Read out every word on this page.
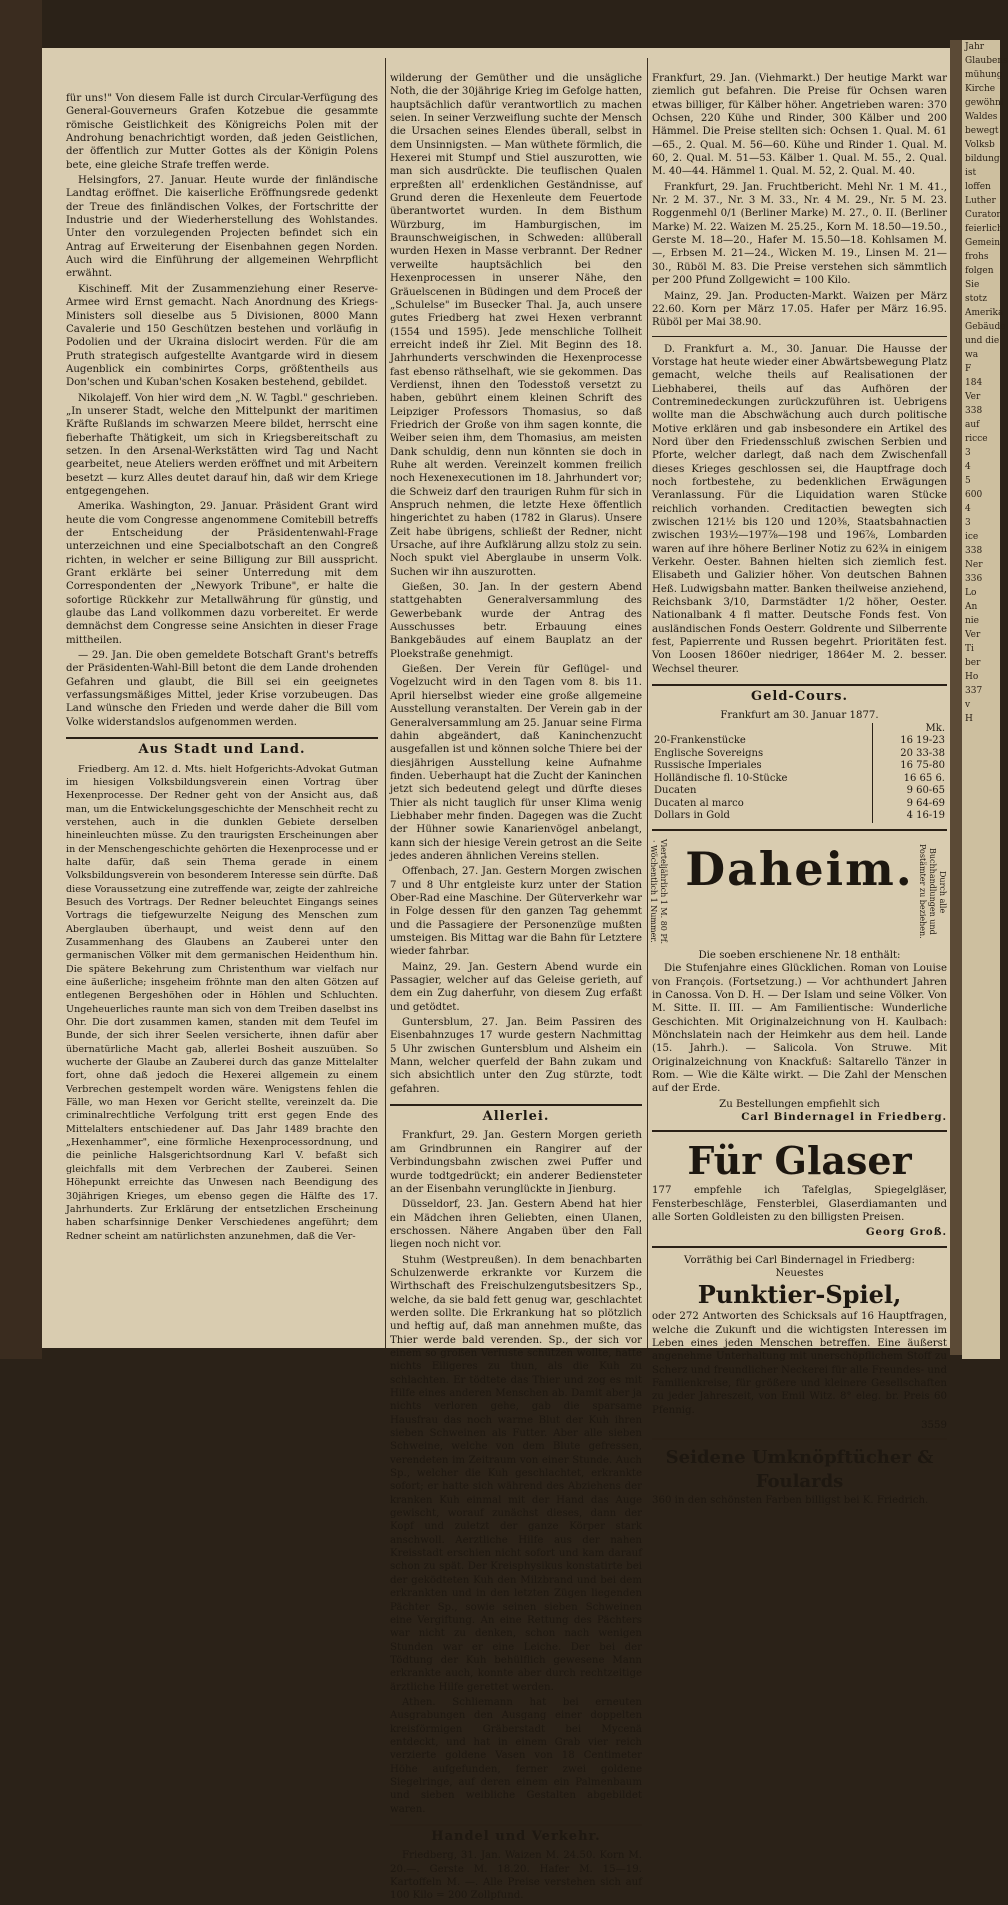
Jahr
Glaubens
mühung
Kirche
gewöhnl
Waldes
bewegt
Volksb
bildung
ist
loffen
Luther
Curator
feierlich
Gemein
frohs
folgen
Sie
stotz
Amerika
Gebäude
und die
wa
F
184
Ver
338
auf
ricce
3
4
5
600
4
3
ice
338
Ner
336
Lo
An
nie
Ver
Ti
ber
Ho
337
v
H

für uns!" Von diesem Falle ist durch Circular-Verfügung des General-Gouverneurs Grafen Kotzebue die gesammte römische Geistlichkeit des Königreichs Polen mit der Androhung benachrichtigt worden, daß jeden Geistlichen, der öffentlich zur Mutter Gottes als der Königin Polens bete, eine gleiche Strafe treffen werde.

Helsingfors, 27. Januar. Heute wurde der finländische Landtag eröffnet. Die kaiserliche Eröffnungsrede gedenkt der Treue des finländischen Volkes, der Fortschritte der Industrie und der Wiederherstellung des Wohlstandes. Unter den vorzulegenden Projecten befindet sich ein Antrag auf Erweiterung der Eisenbahnen gegen Norden. Auch wird die Einführung der allgemeinen Wehrpflicht erwähnt.

Kischineff. Mit der Zusammenziehung einer Reserve-Armee wird Ernst gemacht. Nach Anordnung des Kriegs-Ministers soll dieselbe aus 5 Divisionen, 8000 Mann Cavalerie und 150 Geschützen bestehen und vorläufig in Podolien und der Ukraina dislocirt werden. Für die am Pruth strategisch aufgestellte Avantgarde wird in diesem Augenblick ein combinirtes Corps, größtentheils aus Don'schen und Kuban'schen Kosaken bestehend, gebildet.

Nikolajeff. Von hier wird dem „N. W. Tagbl." geschrieben. „In unserer Stadt, welche den Mittelpunkt der maritimen Kräfte Rußlands im schwarzen Meere bildet, herrscht eine fieberhafte Thätigkeit, um sich in Kriegsbereitschaft zu setzen. In den Arsenal-Werkstätten wird Tag und Nacht gearbeitet, neue Ateliers werden eröffnet und mit Arbeitern besetzt — kurz Alles deutet darauf hin, daß wir dem Kriege entgegengehen.

Amerika. Washington, 29. Januar. Präsident Grant wird heute die vom Congresse angenommene Comitebill betreffs der Entscheidung der Präsidentenwahl-Frage unterzeichnen und eine Specialbotschaft an den Congreß richten, in welcher er seine Billigung zur Bill ausspricht. Grant erklärte bei seiner Unterredung mit dem Correspondenten der „Newyork Tribune", er halte die sofortige Rückkehr zur Metallwährung für günstig, und glaube das Land vollkommen dazu vorbereitet. Er werde demnächst dem Congresse seine Ansichten in dieser Frage mittheilen.

— 29. Jan. Die oben gemeldete Botschaft Grant's betreffs der Präsidenten-Wahl-Bill betont die dem Lande drohenden Gefahren und glaubt, die Bill sei ein geeignetes verfassungsmäßiges Mittel, jeder Krise vorzubeugen. Das Land wünsche den Frieden und werde daher die Bill vom Volke widerstandslos aufgenommen werden.

Aus Stadt und Land.

Friedberg. Am 12. d. Mts. hielt Hofgerichts-Advokat Gutman im hiesigen Volksbildungsverein einen Vortrag über Hexenprocesse. Der Redner geht von der Ansicht aus, daß man, um die Entwickelungsgeschichte der Menschheit recht zu verstehen, auch in die dunklen Gebiete derselben hineinleuchten müsse. Zu den traurigsten Erscheinungen aber in der Menschengeschichte gehörten die Hexenprocesse und er halte dafür, daß sein Thema gerade in einem Volksbildungsverein von besonderem Interesse sein dürfte. Daß diese Voraussetzung eine zutreffende war, zeigte der zahlreiche Besuch des Vortrags. Der Redner beleuchtet Eingangs seines Vortrags die tiefgewurzelte Neigung des Menschen zum Aberglauben überhaupt, und weist denn auf den Zusammenhang des Glaubens an Zauberei unter den germanischen Völker mit dem germanischen Heidenthum hin. Die spätere Bekehrung zum Christenthum war vielfach nur eine äußerliche; insgeheim fröhnte man den alten Götzen auf entlegenen Bergeshöhen oder in Höhlen und Schluchten. Ungeheuerliches raunte man sich von dem Treiben daselbst ins Ohr. Die dort zusammen kamen, standen mit dem Teufel im Bunde, der sich ihrer Seelen versicherte, ihnen dafür aber übernatürliche Macht gab, allerlei Bosheit auszuüben. So wucherte der Glaube an Zauberei durch das ganze Mittelalter fort, ohne daß jedoch die Hexerei allgemein zu einem Verbrechen gestempelt worden wäre. Wenigstens fehlen die Fälle, wo man Hexen vor Gericht stellte, vereinzelt da. Die criminalrechtliche Verfolgung tritt erst gegen Ende des Mittelalters entschiedener auf. Das Jahr 1489 brachte den „Hexenhammer", eine förmliche Hexenprocessordnung, und die peinliche Halsgerichtsordnung Karl V. befaßt sich gleichfalls mit dem Verbrechen der Zauberei. Seinen Höhepunkt erreichte das Unwesen nach Beendigung des 30jährigen Krieges, um ebenso gegen die Hälfte des 17. Jahrhunderts. Zur Erklärung der entsetzlichen Erscheinung haben scharfsinnige Denker Verschiedenes angeführt; dem Redner scheint am natürlichsten anzunehmen, daß die Ver-

wilderung der Gemüther und die unsägliche Noth, die der 30jährige Krieg im Gefolge hatten, hauptsächlich dafür verantwortlich zu machen seien. In seiner Verzweiflung suchte der Mensch die Ursachen seines Elendes überall, selbst in dem Unsinnigsten. — Man wüthete förmlich, die Hexerei mit Stumpf und Stiel auszurotten, wie man sich ausdrückte. Die teuflischen Qualen erpreßten all' erdenklichen Geständnisse, auf Grund deren die Hexenleute dem Feuertode überantwortet wurden. In dem Bisthum Würzburg, im Hamburgischen, im Braunschweigischen, in Schweden: allüberall wurden Hexen in Masse verbrannt. Der Redner verweilte hauptsächlich bei den Hexenprocessen in unserer Nähe, den Gräuelscenen in Büdingen und dem Proceß der „Schulelse" im Busecker Thal. Ja, auch unsere gutes Friedberg hat zwei Hexen verbrannt (1554 und 1595). Jede menschliche Tollheit erreicht indeß ihr Ziel. Mit Beginn des 18. Jahrhunderts verschwinden die Hexenprocesse fast ebenso räthselhaft, wie sie gekommen. Das Verdienst, ihnen den Todesstoß versetzt zu haben, gebührt einem kleinen Schrift des Leipziger Professors Thomasius, so daß Friedrich der Große von ihm sagen konnte, die Weiber seien ihm, dem Thomasius, am meisten Dank schuldig, denn nun könnten sie doch in Ruhe alt werden. Vereinzelt kommen freilich noch Hexenexecutionen im 18. Jahrhundert vor; die Schweiz darf den traurigen Ruhm für sich in Anspruch nehmen, die letzte Hexe öffentlich hingerichtet zu haben (1782 in Glarus). Unsere Zeit habe übrigens, schließt der Redner, nicht Ursache, auf ihre Aufklärung allzu stolz zu sein. Noch spukt viel Aberglaube in unserm Volk. Suchen wir ihn auszurotten.

Gießen, 30. Jan. In der gestern Abend stattgehabten Generalversammlung des Gewerbebank wurde der Antrag des Ausschusses betr. Erbauung eines Bankgebäudes auf einem Bauplatz an der Ploekstraße genehmigt.

Gießen. Der Verein für Geflügel- und Vogelzucht wird in den Tagen vom 8. bis 11. April hierselbst wieder eine große allgemeine Ausstellung veranstalten. Der Verein gab in der Generalversammlung am 25. Januar seine Firma dahin abgeändert, daß Kaninchenzucht ausgefallen ist und können solche Thiere bei der diesjährigen Ausstellung keine Aufnahme finden. Ueberhaupt hat die Zucht der Kaninchen jetzt sich bedeutend gelegt und dürfte dieses Thier als nicht tauglich für unser Klima wenig Liebhaber mehr finden. Dagegen was die Zucht der Hühner sowie Kanarienvögel anbelangt, kann sich der hiesige Verein getrost an die Seite jedes anderen ähnlichen Vereins stellen.

Offenbach, 27. Jan. Gestern Morgen zwischen 7 und 8 Uhr entgleiste kurz unter der Station Ober-Rad eine Maschine. Der Güterverkehr war in Folge dessen für den ganzen Tag gehemmt und die Passagiere der Personenzüge mußten umsteigen. Bis Mittag war die Bahn für Letztere wieder fahrbar.

Mainz, 29. Jan. Gestern Abend wurde ein Passagier, welcher auf das Geleise gerieth, auf dem ein Zug daherfuhr, von diesem Zug erfaßt und getödtet.

Guntersblum, 27. Jan. Beim Passiren des Eisenbahnzuges 17 wurde gestern Nachmittag 5 Uhr zwischen Guntersblum und Alsheim ein Mann, welcher querfeld der Bahn zukam und sich absichtlich unter den Zug stürzte, todt gefahren.

Allerlei.

Frankfurt, 29. Jan. Gestern Morgen gerieth am Grindbrunnen ein Rangirer auf der Verbindungsbahn zwischen zwei Puffer und wurde todtgedrückt; ein anderer Bediensteter an der Eisenbahn verunglückte in Jienburg.

Düsseldorf, 23. Jan. Gestern Abend hat hier ein Mädchen ihren Geliebten, einen Ulanen, erschossen. Nähere Angaben über den Fall liegen noch nicht vor.

Stuhm (Westpreußen). In dem benachbarten Schulzenwerde erkrankte vor Kurzem die Wirthschaft des Freischulzengutsbesitzers Sp., welche, da sie bald fett genug war, geschlachtet werden sollte. Die Erkrankung hat so plötzlich und heftig auf, daß man annehmen mußte, das Thier werde bald verenden. Sp., der sich vor einem so großen Verluste schützen wollte, hatte nichts Eiligeres zu thun, als die Kuh zu schlachten. Er tödtete das Thier und zog es mit Hilfe eines anderen Menschen ab. Damit aber ja nichts verloren gehe, gab die sparsame Hausfrau das noch warme Blut der Kuh ihren sieben Schweinen als Futter. Aber alle sieben Schweine, welche von dem Blute gefressen, verendeten im Zeitraum von einer Stunde. Auch Sp., welcher die Kuh geschlachtet, erkrankte sofort; er hatte sich während des Abziehens der kranken Kuh einmal mit der Hand das Auge gewischt, worauf zunächst dieses, dann der Kopf und zuletzt der ganze Körper stark anschwoll. Aerztliche Hilfe aus der nahen Kreisstadt erschien nicht sofort und kam darauf schon zu spät. Der Kreisphysikus konstatirte bei der geködteten Kuh den Milzbrand und bei dem erkrankten und in den letzten Zügen liegenden Pächter Sp., sowie seinen sieben Schweinen eine Vergiftung. An eine Rettung des Pächters war nicht zu denken, schon nach wenigen Stunden war er eine Leiche. Der bei der Tödtung der Kuh behülflich gewesene Mann erkrankte auch, konnte aber durch rechtzeitige ärztliche Hilfe gerettet werden.

Athen. Schliemann hat bei erneuten Ausgrabungen den Ausgang einer doppelten kreisförmigen Gräberstadt bei Mycenä entdeckt, und hat in einem Grab vier reich verzierte goldene Vasen von 18 Centimeter Höhe aufgefunden, ferner zwei goldene Siegelringe, auf deren einem ein Palmenbaum und sieben weibliche Gestalten abgebildet waren.

Handel und Verkehr.

Friedberg, 31. Jan. Waizen M. 24.50. Korn M. 20.—. Gerste M. 18.20. Hafer M. 15—19. Kartoffeln M. —. Alle Preise verstehen sich auf 100 Kilo = 200 Zollpfund.

Frankfurt, 29. Jan. (Viehmarkt.) Der heutige Markt war ziemlich gut befahren. Die Preise für Ochsen waren etwas billiger, für Kälber höher. Angetrieben waren: 370 Ochsen, 220 Kühe und Rinder, 300 Kälber und 200 Hämmel. Die Preise stellten sich: Ochsen 1. Qual. M. 61—65., 2. Qual. M. 56—60. Kühe und Rinder 1. Qual. M. 60, 2. Qual. M. 51—53. Kälber 1. Qual. M. 55., 2. Qual. M. 40—44. Hämmel 1. Qual. M. 52, 2. Qual. M. 40.

Frankfurt, 29. Jan. Fruchtbericht. Mehl Nr. 1 M. 41., Nr. 2 M. 37., Nr. 3 M. 33., Nr. 4 M. 29., Nr. 5 M. 23. Roggenmehl 0/1 (Berliner Marke) M. 27., 0. II. (Berliner Marke) M. 22. Waizen M. 25.25., Korn M. 18.50—19.50., Gerste M. 18—20., Hafer M. 15.50—18. Kohlsamen M. —, Erbsen M. 21—24., Wicken M. 19., Linsen M. 21—30., Rüböl M. 83. Die Preise verstehen sich sämmtlich per 200 Pfund Zollgewicht = 100 Kilo.

Mainz, 29. Jan. Producten-Markt. Waizen per März 22.60. Korn per März 17.05. Hafer per März 16.95. Rüböl per Mai 38.90.

D. Frankfurt a. M., 30. Januar. Die Hausse der Vorstage hat heute wieder einer Abwärtsbewegung Platz gemacht, welche theils auf Realisationen der Liebhaberei, theils auf das Aufhören der Contreminedeckungen zurückzuführen ist. Uebrigens wollte man die Abschwächung auch durch politische Motive erklären und gab insbesondere ein Artikel des Nord über den Friedensschluß zwischen Serbien und Pforte, welcher darlegt, daß nach dem Zwischenfall dieses Krieges geschlossen sei, die Hauptfrage doch noch fortbestehe, zu bedenklichen Erwägungen Veranlassung. Für die Liquidation waren Stücke reichlich vorhanden. Creditactien bewegten sich zwischen 121½ bis 120 und 120⅜, Staatsbahnactien zwischen 193½—197⅞—198 und 196⅞, Lombarden waren auf ihre höhere Berliner Notiz zu 62¾ in einigem Verkehr. Oester. Bahnen hielten sich ziemlich fest. Elisabeth und Galizier höher. Von deutschen Bahnen Heß. Ludwigsbahn matter. Banken theilweise anziehend, Reichsbank 3/10, Darmstädter 1/2 höher, Oester. Nationalbank 4 fl matter. Deutsche Fonds fest. Von ausländischen Fonds Oesterr. Goldrente und Silberrente fest, Papierrente und Russen begehrt. Prioritäten fest. Von Loosen 1860er niedriger, 1864er M. 2. besser. Wechsel theurer.

Geld-Cours.
Frankfurt am 30. Januar 1877.
	Mk.
20-Frankenstücke	16 19-23
Englische Sovereigns	20 33-38
Russische Imperiales	16 75-80
Holländische fl. 10-Stücke	16 65 6.
Ducaten	9 60-65
Ducaten al marco	9 64-69
Dollars in Gold	4 16-19
Vierteljährlich 1 M. 80 Pf. · Wöchentlich 1 Nummer. Daheim.	Durch alle Buchhandlungen und Postämter zu beziehen.
Die soeben erschienene Nr. 18 enthält:

Die Stufenjahre eines Glücklichen. Roman von Louise von François. (Fortsetzung.) — Vor achthundert Jahren in Canossa. Von D. H. — Der Islam und seine Völker. Von M. Sitte. II. III. — Am Familientische: Wunderliche Geschichten. Mit Originalzeichnung von H. Kaulbach: Mönchslatein nach der Heimkehr aus dem heil. Lande (15. Jahrh.). — Salicola. Von Struwe. Mit Originalzeichnung von Knackfuß: Saltarello Tänzer in Rom. — Wie die Kälte wirkt. — Die Zahl der Menschen auf der Erde.

Zu Bestellungen empfiehlt sich
Carl Bindernagel in Friedberg.
Für Glaser

177 empfehle ich Tafelglas, Spiegelgläser, Fensterbeschläge, Fensterblei, Glaserdiamanten und alle Sorten Goldleisten zu den billigsten Preisen.

Georg Groß.
Vorräthig bei Carl Bindernagel in Friedberg:
Neuestes
Punktier-Spiel,

oder 272 Antworten des Schicksals auf 16 Hauptfragen, welche die Zukunft und die wichtigsten Interessen im Leben eines jeden Menschen betreffen. Eine äußerst angenehme Unterhaltung mit unerschöpflichem Stoff zu Scherz und freundlicher Neckerei für alle Freundes- und Familienkreise, für größere und kleinere Gesellschaften zu jeder Jahreszeit, von Emil Witz. 8° eleg. br. Preis 60 Pfennig.

3559
Seidene Umknöpftücher & Foulards
360 in den schönsten Farben billigst bei K. Friedrich.
